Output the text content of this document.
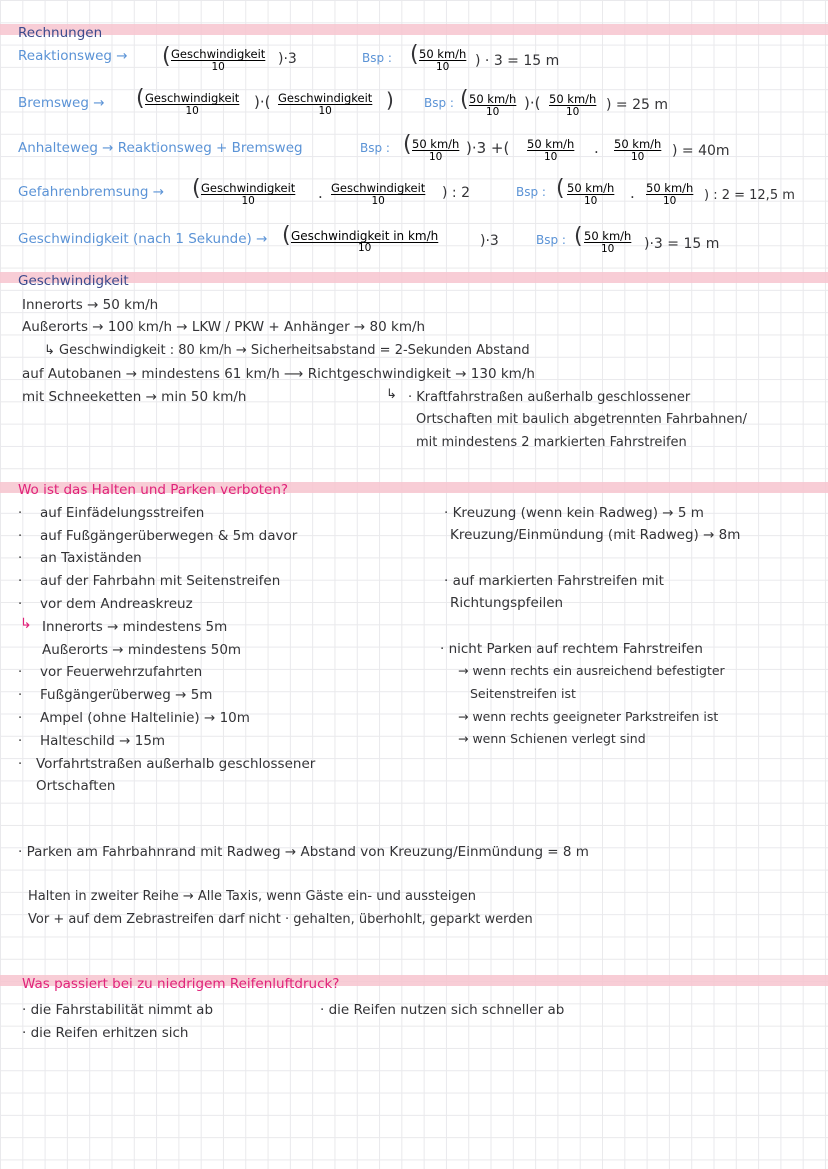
Rechnungen
Reaktionsweg → ( Geschwindigkeit
10	)·3	Bsp : ( $\frac{50 km/h}{10}$ ) · 3 = 15 m
Bremsweg → ( Geschwindigkeit
10	)·( Geschwindigkeit
10	)	Bsp : ( $\frac{50 km/h}{10}$ )·( $\frac{50 km/h}{10}$ ) = 25 m
Anhalteweg → Reaktionsweg + Bremsweg	Bsp : ( $\frac{50 km/h}{10} )\cdot 3$ +( $\frac{50 km/h}{10}$ . $\frac{50 km/h}{10}$ ) = 40m
Gefahrenbremsung → ( Geschwindigkeit
10	. Geschwindigkeit
10	) : 2	Bsp : ( $\frac{50 km/h}{10}$ . $\frac{50 km/h}{10}$ ) : 2 = 12,5 m
Geschwindigkeit (nach 1 Sekunde) → ( Geschwindigkeit in km/h
10	)·3	Bsp : ( $\frac{50 km/h}{10} )\cdot 3 = 15$ m
Geschwindigkeit
Innerorts → 50 km/h
Außerorts → 100 km/h → LKW / PKW + Anhänger → 80 km/h
↳ Geschwindigkeit : 80 km/h → Sicherheitsabstand = 2-Sekunden Abstand
auf Autobanen → mindestens 61 km/h ⟶ Richtgeschwindigkeit → 130 km/h
mit Schneeketten → min 50 km/h	↳ · Kraftfahrstraßen außerhalb geschlossener
Ortschaften mit baulich abgetrennten Fahrbahnen/
mit mindestens 2 markierten Fahrstreifen
Wo ist das Halten und Parken verboten?
· auf Einfädelungsstreifen
· auf Fußgängerüberwegen & 5m davor
· an Taxiständen
· auf der Fahrbahn mit Seitenstreifen
· vor dem Andreaskreuz
↳ Innerorts → mindestens 5m
Außerorts → mindestens 50m
· vor Feuerwehrzufahrten
· Fußgängerüberweg → 5m
· Ampel (ohne Haltelinie) → 10m
· Halteschild → 15m
· Vorfahrtstraßen außerhalb geschlossener
Ortschaften
· Kreuzung (wenn kein Radweg) → 5 m
Kreuzung/Einmündung (mit Radweg) → 8m
· auf markierten Fahrstreifen mit
Richtungspfeilen
· nicht Parken auf rechtem Fahrstreifen
→ wenn rechts ein ausreichend befestigter
Seitenstreifen ist
→ wenn rechts geeigneter Parkstreifen ist
→ wenn Schienen verlegt sind
· Parken am Fahrbahnrand mit Radweg → Abstand von Kreuzung/Einmündung = 8 m
Halten in zweiter Reihe → Alle Taxis, wenn Gäste ein- und aussteigen
Vor + auf dem Zebrastreifen darf nicht · gehalten, überhohlt, geparkt werden
Was passiert bei zu niedrigem Reifenluftdruck?
· die Fahrstabilität nimmt ab
· die Reifen erhitzen sich
· die Reifen nutzen sich schneller ab
